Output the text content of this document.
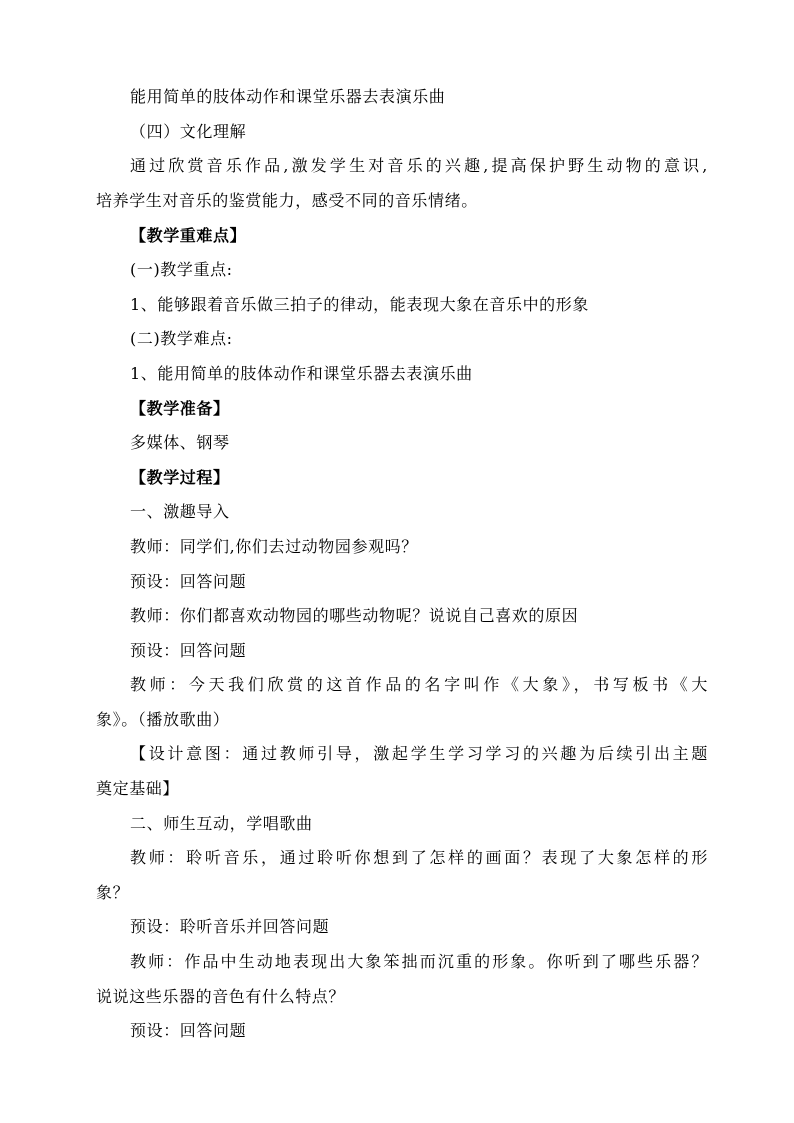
能用简单的肢体动作和课堂乐器去表演乐曲
（四）文化理解
通过欣赏音乐作品,激发学生对音乐的兴趣,提高保护野生动物的意识,
培养学生对音乐的鉴赏能力，感受不同的音乐情绪。
【教学重难点】
(一)教学重点:
1、能够跟着音乐做三拍子的律动，能表现大象在音乐中的形象
(二)教学难点:
1、能用简单的肢体动作和课堂乐器去表演乐曲
【教学准备】
多媒体、钢琴
【教学过程】
一、激趣导入
教师：同学们,你们去过动物园参观吗？
预设：回答问题
教师：你们都喜欢动物园的哪些动物呢？说说自己喜欢的原因
预设：回答问题
教师：今天我们欣赏的这首作品的名字叫作《大象》，书写板书《大
象》。（播放歌曲）
【设计意图：通过教师引导，激起学生学习学习的兴趣为后续引出主题
奠定基础】
二、师生互动，学唱歌曲
教师：聆听音乐，通过聆听你想到了怎样的画面？表现了大象怎样的形
象？
预设：聆听音乐并回答问题
教师：作品中生动地表现出大象笨拙而沉重的形象。你听到了哪些乐器？
说说这些乐器的音色有什么特点？
预设：回答问题
